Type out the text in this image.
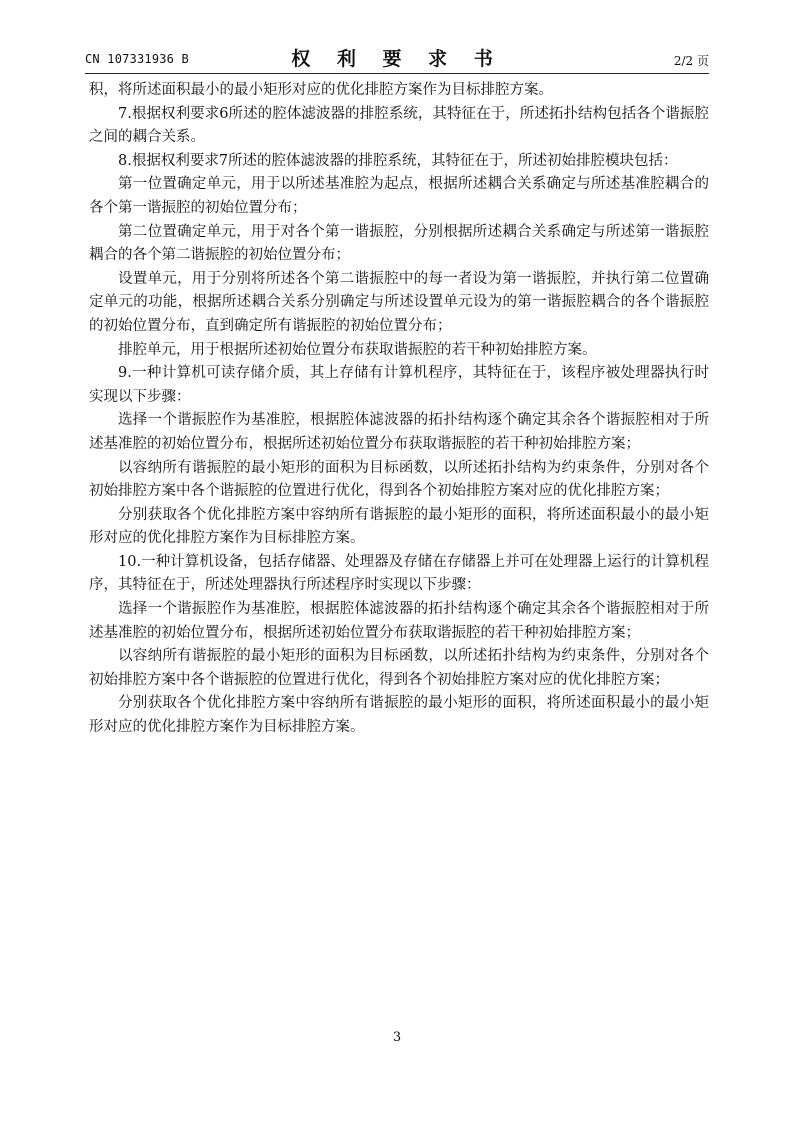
CN 107331936 B	权 利 要 求 书	2/2 页

积，将所述面积最小的最小矩形对应的优化排腔方案作为目标排腔方案。

7.根据权利要求6所述的腔体滤波器的排腔系统，其特征在于，所述拓扑结构包括各个谐振腔之间的耦合关系。

8.根据权利要求7所述的腔体滤波器的排腔系统，其特征在于，所述初始排腔模块包括：

第一位置确定单元，用于以所述基准腔为起点，根据所述耦合关系确定与所述基准腔耦合的各个第一谐振腔的初始位置分布；

第二位置确定单元，用于对各个第一谐振腔，分别根据所述耦合关系确定与所述第一谐振腔耦合的各个第二谐振腔的初始位置分布；

设置单元，用于分别将所述各个第二谐振腔中的每一者设为第一谐振腔，并执行第二位置确定单元的功能，根据所述耦合关系分别确定与所述设置单元设为的第一谐振腔耦合的各个谐振腔的初始位置分布，直到确定所有谐振腔的初始位置分布；

排腔单元，用于根据所述初始位置分布获取谐振腔的若干种初始排腔方案。

9.一种计算机可读存储介质，其上存储有计算机程序，其特征在于，该程序被处理器执行时实现以下步骤：

选择一个谐振腔作为基准腔，根据腔体滤波器的拓扑结构逐个确定其余各个谐振腔相对于所述基准腔的初始位置分布，根据所述初始位置分布获取谐振腔的若干种初始排腔方案；

以容纳所有谐振腔的最小矩形的面积为目标函数，以所述拓扑结构为约束条件，分别对各个初始排腔方案中各个谐振腔的位置进行优化，得到各个初始排腔方案对应的优化排腔方案；

分别获取各个优化排腔方案中容纳所有谐振腔的最小矩形的面积，将所述面积最小的最小矩形对应的优化排腔方案作为目标排腔方案。

10.一种计算机设备，包括存储器、处理器及存储在存储器上并可在处理器上运行的计算机程序，其特征在于，所述处理器执行所述程序时实现以下步骤：

选择一个谐振腔作为基准腔，根据腔体滤波器的拓扑结构逐个确定其余各个谐振腔相对于所述基准腔的初始位置分布，根据所述初始位置分布获取谐振腔的若干种初始排腔方案；

以容纳所有谐振腔的最小矩形的面积为目标函数，以所述拓扑结构为约束条件，分别对各个初始排腔方案中各个谐振腔的位置进行优化，得到各个初始排腔方案对应的优化排腔方案；

分别获取各个优化排腔方案中容纳所有谐振腔的最小矩形的面积，将所述面积最小的最小矩形对应的优化排腔方案作为目标排腔方案。

3
